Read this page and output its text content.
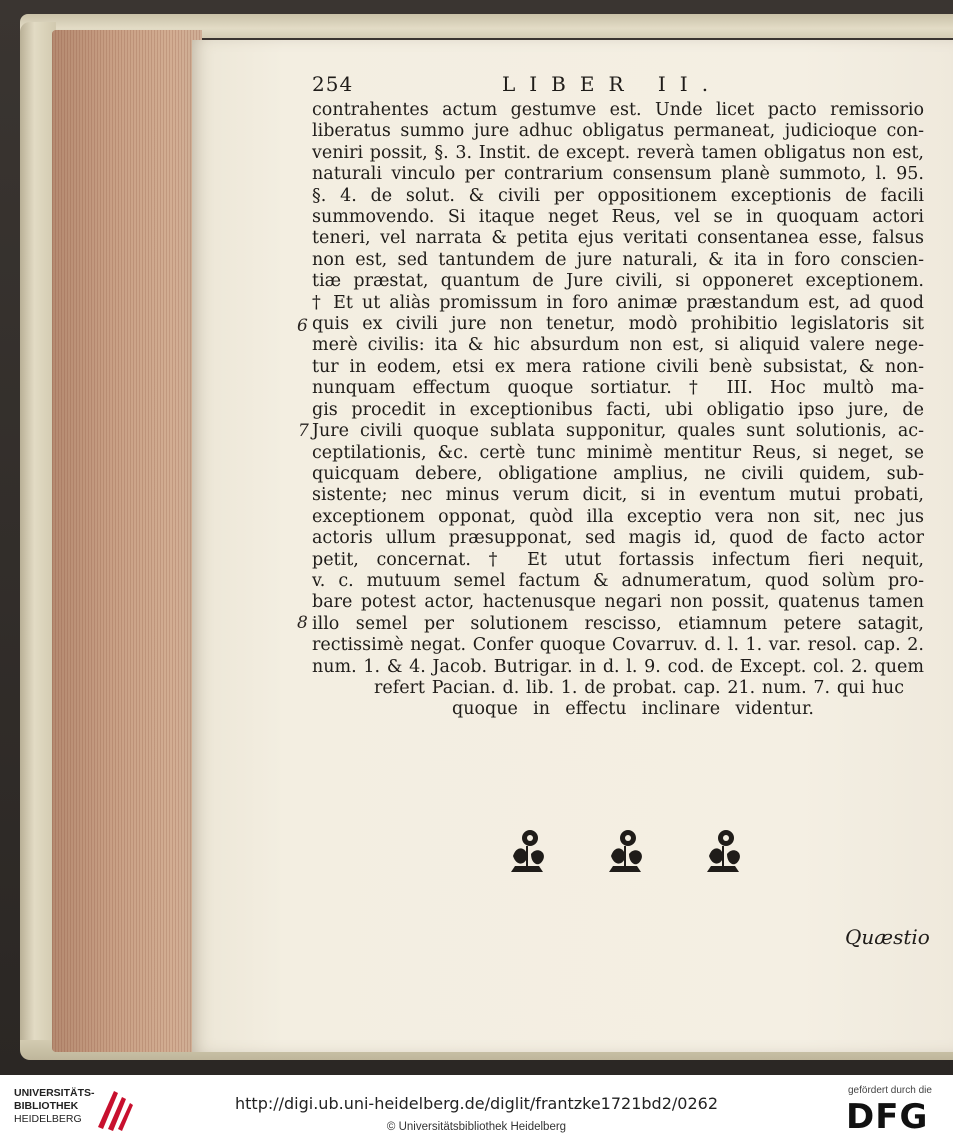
254	LIBER II.
contrahentes actum gestumve est. Unde licet pacto remissorio
liberatus summo jure adhuc obligatus permaneat, judicioque con-
veniri possit, §. 3. Instit. de except. reverà tamen obligatus non est,
naturali vinculo per contrarium consensum planè summoto, l. 95.
§. 4. de solut. & civili per oppositionem exceptionis de facili
summovendo. Si itaque neget Reus, vel se in quoquam actori
teneri, vel narrata & petita ejus veritati consentanea esse, falsus
non est, sed tantundem de jure naturali, & ita in foro conscien-
tiæ præstat, quantum de Jure civili, si opponeret exceptionem.
† Et ut aliàs promissum in foro animæ præstandum est, ad quod
quis ex civili jure non tenetur, modò prohibitio legislatoris sit
merè civilis: ita & hic absurdum non est, si aliquid valere nege-
tur in eodem, etsi ex mera ratione civili benè subsistat, & non-
nunquam effectum quoque sortiatur. † III. Hoc multò ma-
gis procedit in exceptionibus facti, ubi obligatio ipso jure, de
Jure civili quoque sublata supponitur, quales sunt solutionis, ac-
ceptilationis, &c. certè tunc minimè mentitur Reus, si neget, se
quicquam debere, obligatione amplius, ne civili quidem, sub-
sistente; nec minus verum dicit, si in eventum mutui probati,
exceptionem opponat, quòd illa exceptio vera non sit, nec jus
actoris ullum præsupponat, sed magis id, quod de facto actor
petit, concernat. † Et utut fortassis infectum fieri nequit,
v. c. mutuum semel factum & adnumeratum, quod solùm pro-
bare potest actor, hactenusque negari non possit, quatenus tamen
illo semel per solutionem rescisso, etiamnum petere satagit,
rectissimè negat. Confer quoque Covarruv. d. l. 1. var. resol. cap. 2.
num. 1. & 4. Jacob. Butrigar. in d. l. 9. cod. de Except. col. 2. quem
refert Pacian. d. lib. 1. de probat. cap. 21. num. 7. qui huc
quoque in effectu inclinare videntur.
6
7
8
Quæstio
UNIVERSITÄTS-
BIBLIOTHEK
HEIDELBERG
http://digi.ub.uni-heidelberg.de/diglit/frantzke1721bd2/0262
© Universitätsbibliothek Heidelberg
gefördert durch die
DFG
